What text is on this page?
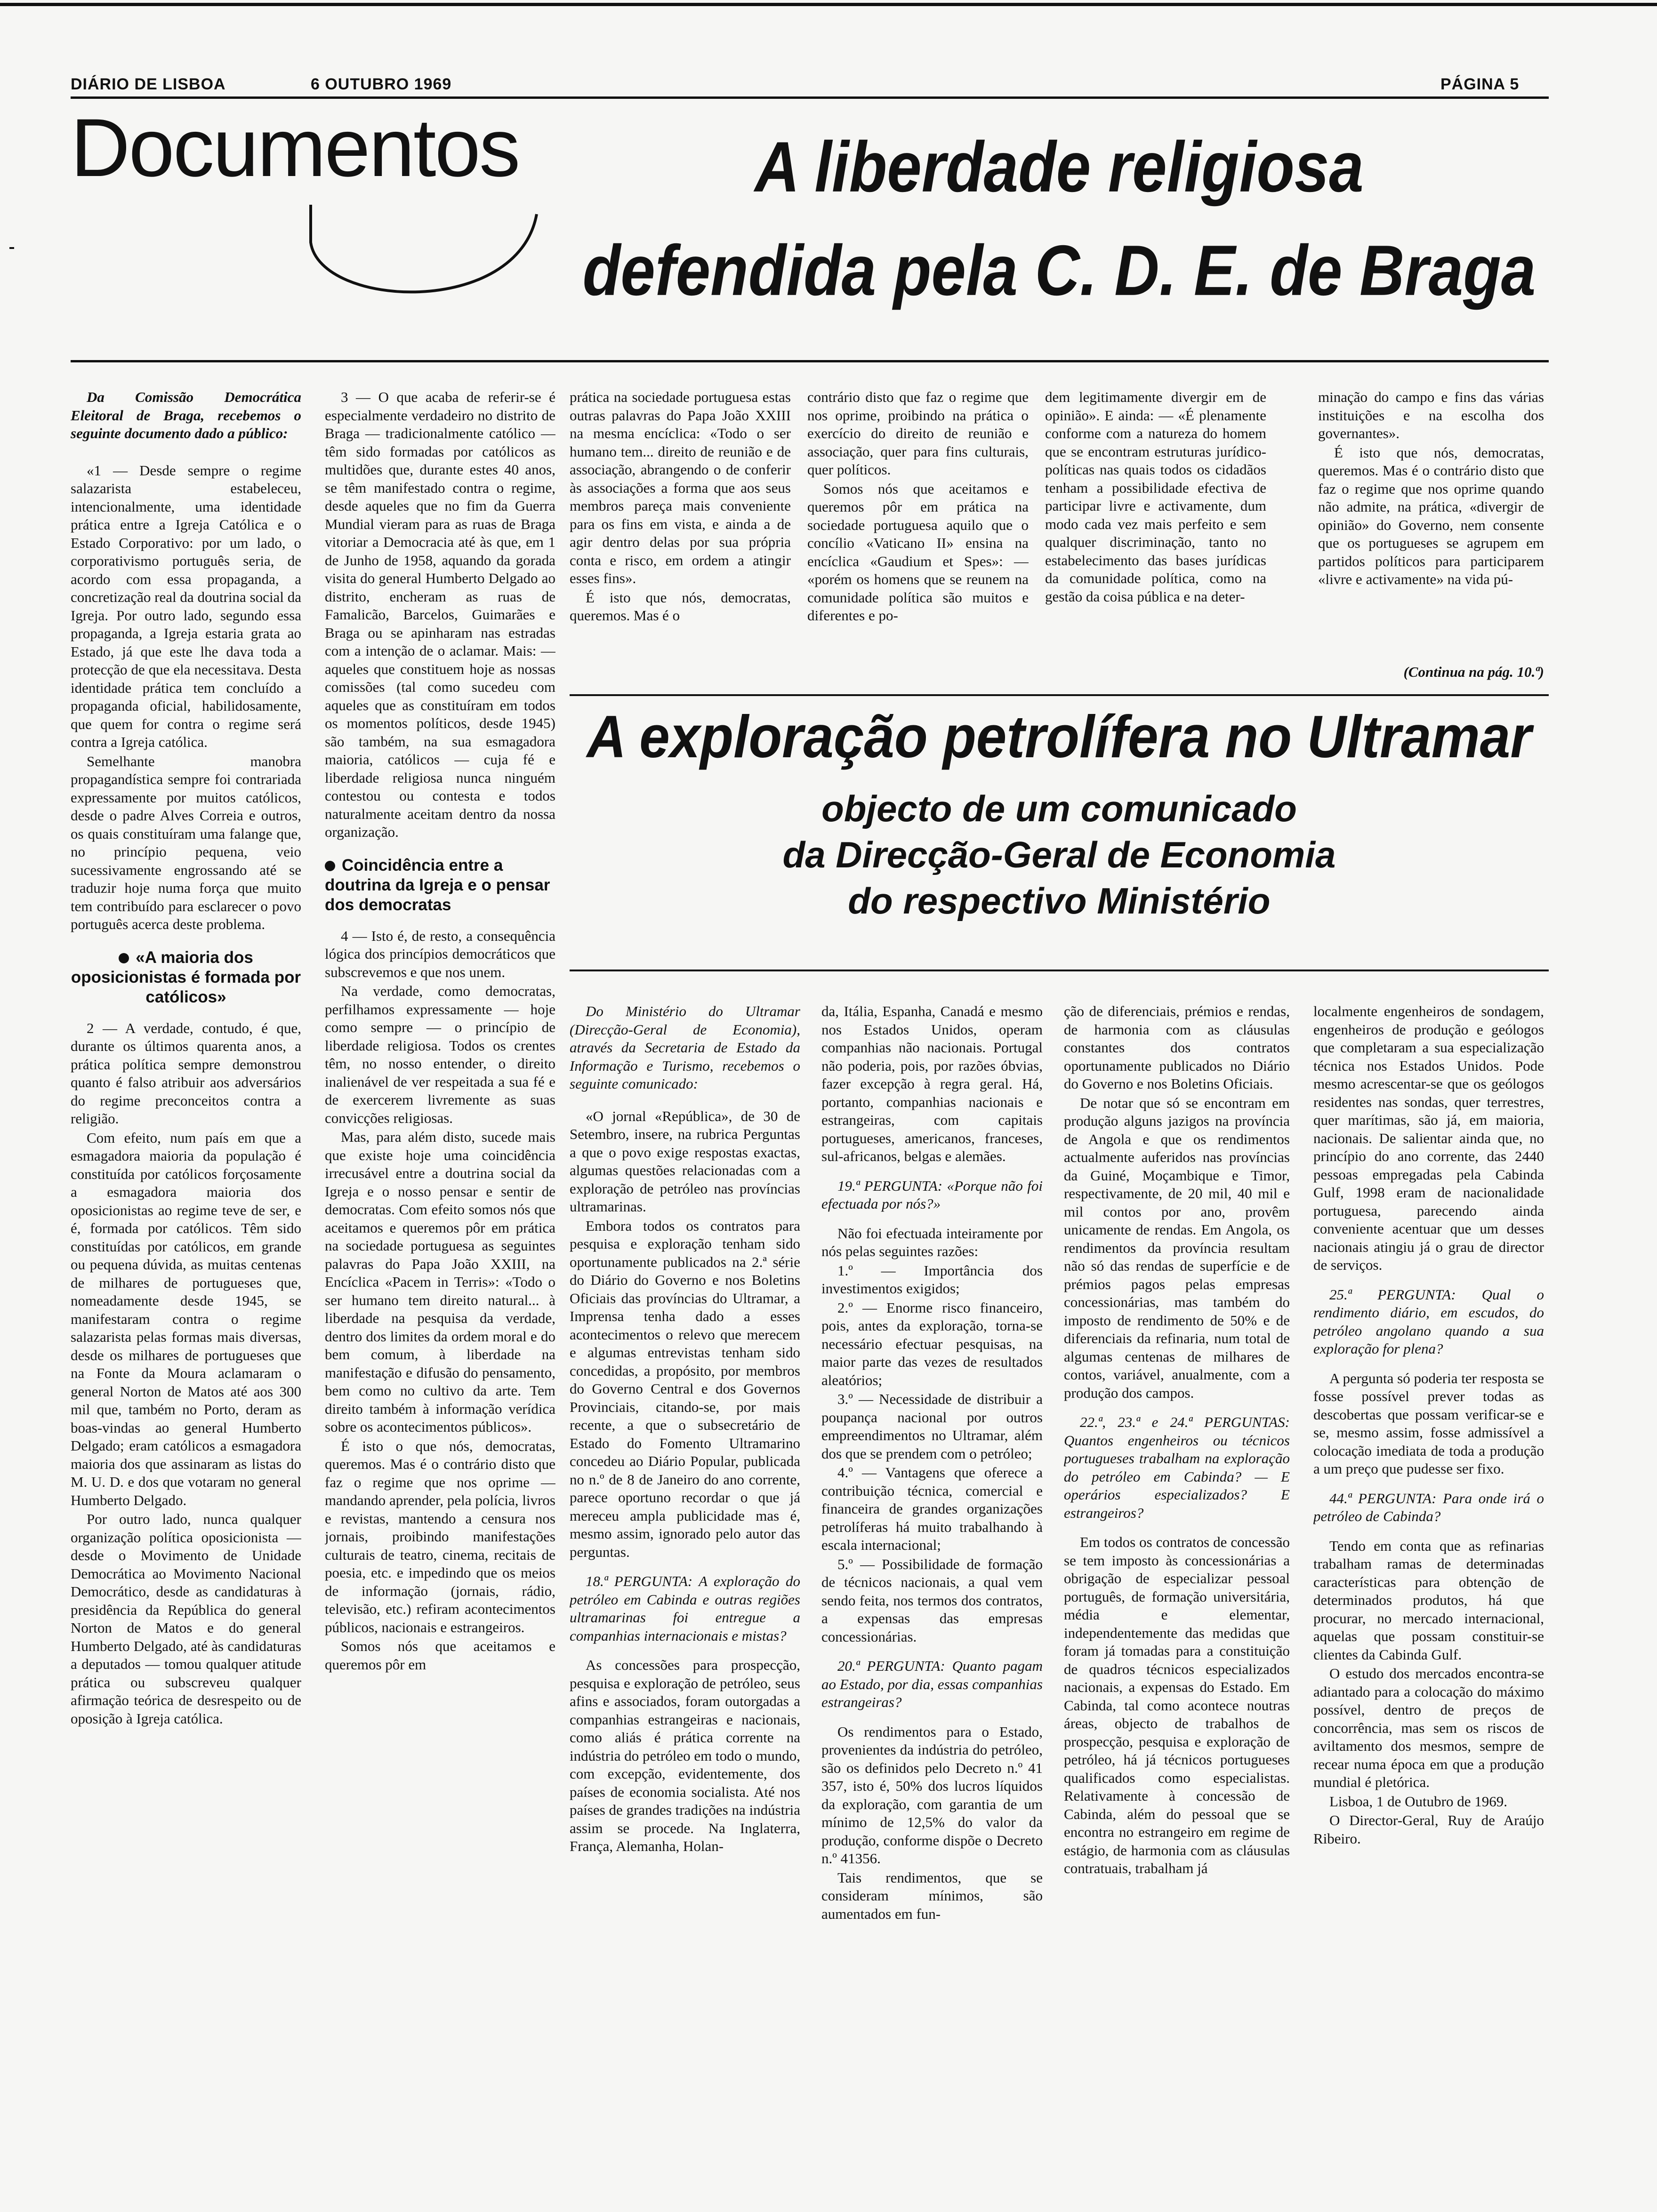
DIÁRIO DE LISBOA	6 OUTUBRO 1969	PÁGINA 5
Documentos	A liberdade religiosa
defendida pela C. D. E. de Braga

Da Comissão Democrática Eleitoral de Braga, recebemos o seguinte documento dado a público:

«1 — Desde sempre o regime salazarista estabeleceu, intencionalmente, uma identidade prática entre a Igreja Católica e o Estado Corporativo: por um lado, o corporativismo português seria, de acordo com essa propaganda, a concretização real da doutrina social da Igreja. Por outro lado, segundo essa propaganda, a Igreja estaria grata ao Estado, já que este lhe dava toda a protecção de que ela necessitava. Desta identidade prática tem concluído a propaganda oficial, habilidosamente, que quem for contra o regime será contra a Igreja católica.

Semelhante manobra propagandística sempre foi contrariada expressamente por muitos católicos, desde o padre Alves Correia e outros, os quais constituíram uma falange que, no princípio pequena, veio sucessivamente engrossando até se traduzir hoje numa força que muito tem contribuído para esclarecer o povo português acerca deste problema.

«A maioria dos oposicionistas é formada por católicos»

2 — A verdade, contudo, é que, durante os últimos quarenta anos, a prática política sempre demonstrou quanto é falso atribuir aos adversários do regime preconceitos contra a religião.

Com efeito, num país em que a esmagadora maioria da população é constituída por católicos forçosamente a esmagadora maioria dos oposicionistas ao regime teve de ser, e é, formada por católicos. Têm sido constituídas por católicos, em grande ou pequena dúvida, as muitas centenas de milhares de portugueses que, nomeadamente desde 1945, se manifestaram contra o regime salazarista pelas formas mais diversas, desde os milhares de portugueses que na Fonte da Moura aclamaram o general Norton de Matos até aos 300 mil que, também no Porto, deram as boas-vindas ao general Humberto Delgado; eram católicos a esmagadora maioria dos que assinaram as listas do M. U. D. e dos que votaram no general Humberto Delgado.

Por outro lado, nunca qualquer organização política oposicionista — desde o Movimento de Unidade Democrática ao Movimento Nacional Democrático, desde as candidaturas à presidência da República do general Norton de Matos e do general Humberto Delgado, até às candidaturas a deputados — tomou qualquer atitude prática ou subscreveu qualquer afirmação teórica de desrespeito ou de oposição à Igreja católica.

3 — O que acaba de referir-se é especialmente verdadeiro no distrito de Braga — tradicionalmente católico — têm sido formadas por católicos as multidões que, durante estes 40 anos, se têm manifestado contra o regime, desde aqueles que no fim da Guerra Mundial vieram para as ruas de Braga vitoriar a Democracia até às que, em 1 de Junho de 1958, aquando da gorada visita do general Humberto Delgado ao distrito, encheram as ruas de Famalicão, Barcelos, Guimarães e Braga ou se apinharam nas estradas com a intenção de o aclamar. Mais: — aqueles que constituem hoje as nossas comissões (tal como sucedeu com aqueles que as constituíram em todos os momentos políticos, desde 1945) são também, na sua esmagadora maioria, católicos — cuja fé e liberdade religiosa nunca ninguém contestou ou contesta e todos naturalmente aceitam dentro da nossa organização.

Coincidência entre a doutrina da Igreja e o pensar dos democratas

4 — Isto é, de resto, a consequência lógica dos princípios democráticos que subscrevemos e que nos unem.

Na verdade, como democratas, perfilhamos expressamente — hoje como sempre — o princípio de liberdade religiosa. Todos os crentes têm, no nosso entender, o direito inalienável de ver respeitada a sua fé e de exercerem livremente as suas convicções religiosas.

Mas, para além disto, sucede mais que existe hoje uma coincidência irrecusável entre a doutrina social da Igreja e o nosso pensar e sentir de democratas. Com efeito somos nós que aceitamos e queremos pôr em prática na sociedade portuguesa as seguintes palavras do Papa João XXIII, na Encíclica «Pacem in Terris»: «Todo o ser humano tem direito natural... à liberdade na pesquisa da verdade, dentro dos limites da ordem moral e do bem comum, à liberdade na manifestação e difusão do pensamento, bem como no cultivo da arte. Tem direito também à informação verídica sobre os acontecimentos públicos».

É isto o que nós, democratas, queremos. Mas é o contrário disto que faz o regime que nos oprime — mandando aprender, pela polícia, livros e revistas, mantendo a censura nos jornais, proibindo manifestações culturais de teatro, cinema, recitais de poesia, etc. e impedindo que os meios de informação (jornais, rádio, televisão, etc.) refiram acontecimentos públicos, nacionais e estrangeiros.

Somos nós que aceitamos e queremos pôr em

prática na sociedade portuguesa estas outras palavras do Papa João XXIII na mesma encíclica: «Todo o ser humano tem... direito de reunião e de associação, abrangendo o de conferir às associações a forma que aos seus membros pareça mais conveniente para os fins em vista, e ainda a de agir dentro delas por sua própria conta e risco, em ordem a atingir esses fins».

É isto que nós, democratas, queremos. Mas é o

contrário disto que faz o regime que nos oprime, proibindo na prática o exercício do direito de reunião e associação, quer para fins culturais, quer políticos.

Somos nós que aceitamos e queremos pôr em prática na sociedade portuguesa aquilo que o concílio «Vaticano II» ensina na encíclica «Gaudium et Spes»: — «porém os homens que se reunem na comunidade política são muitos e diferentes e po-

dem legitimamente divergir em de opinião». E ainda: — «É plenamente conforme com a natureza do homem que se encontram estruturas jurídico-políticas nas quais todos os cidadãos tenham a possibilidade efectiva de participar livre e activamente, dum modo cada vez mais perfeito e sem qualquer discriminação, tanto no estabelecimento das bases jurídicas da comunidade política, como na gestão da coisa pública e na deter-

minação do campo e fins das várias instituições e na escolha dos governantes».

É isto que nós, democratas, queremos. Mas é o contrário disto que faz o regime que nos oprime quando não admite, na prática, «divergir de opinião» do Governo, nem consente que os portugueses se agrupem em partidos políticos para participarem «livre e activamente» na vida pú-

(Continua na pág. 10.ª)
A exploração petrolífera no Ultramar
objecto de um comunicado
da Direcção-Geral de Economia
do respectivo Ministério

Do Ministério do Ultramar (Direcção-Geral de Economia), através da Secretaria de Estado da Informação e Turismo, recebemos o seguinte comunicado:

«O jornal «República», de 30 de Setembro, insere, na rubrica Perguntas a que o povo exige respostas exactas, algumas questões relacionadas com a exploração de petróleo nas províncias ultramarinas.

Embora todos os contratos para pesquisa e exploração tenham sido oportunamente publicados na 2.ª série do Diário do Governo e nos Boletins Oficiais das províncias do Ultramar, a Imprensa tenha dado a esses acontecimentos o relevo que merecem e algumas entrevistas tenham sido concedidas, a propósito, por membros do Governo Central e dos Governos Provinciais, citando-se, por mais recente, a que o subsecretário de Estado do Fomento Ultramarino concedeu ao Diário Popular, publicada no n.º de 8 de Janeiro do ano corrente, parece oportuno recordar o que já mereceu ampla publicidade mas é, mesmo assim, ignorado pelo autor das perguntas.

18.ª PERGUNTA: A exploração do petróleo em Cabinda e outras regiões ultramarinas foi entregue a companhias internacionais e mistas?

As concessões para prospecção, pesquisa e exploração de petróleo, seus afins e associados, foram outorgadas a companhias estrangeiras e nacionais, como aliás é prática corrente na indústria do petróleo em todo o mundo, com excepção, evidentemente, dos países de economia socialista. Até nos países de grandes tradições na indústria assim se procede. Na Inglaterra, França, Alemanha, Holan-

da, Itália, Espanha, Canadá e mesmo nos Estados Unidos, operam companhias não nacionais. Portugal não poderia, pois, por razões óbvias, fazer excepção à regra geral. Há, portanto, companhias nacionais e estrangeiras, com capitais portugueses, americanos, franceses, sul-africanos, belgas e alemães.

19.ª PERGUNTA: «Porque não foi efectuada por nós?»

Não foi efectuada inteiramente por nós pelas seguintes razões:

1.º — Importância dos investimentos exigidos;

2.º — Enorme risco financeiro, pois, antes da exploração, torna-se necessário efectuar pesquisas, na maior parte das vezes de resultados aleatórios;

3.º — Necessidade de distribuir a poupança nacional por outros empreendimentos no Ultramar, além dos que se prendem com o petróleo;

4.º — Vantagens que oferece a contribuição técnica, comercial e financeira de grandes organizações petrolíferas há muito trabalhando à escala internacional;

5.º — Possibilidade de formação de técnicos nacionais, a qual vem sendo feita, nos termos dos contratos, a expensas das empresas concessionárias.

20.ª PERGUNTA: Quanto pagam ao Estado, por dia, essas companhias estrangeiras?

Os rendimentos para o Estado, provenientes da indústria do petróleo, são os definidos pelo Decreto n.º 41 357, isto é, 50% dos lucros líquidos da exploração, com garantia de um mínimo de 12,5% do valor da produção, conforme dispõe o Decreto n.º 41356.

Tais rendimentos, que se consideram mínimos, são aumentados em fun-

ção de diferenciais, prémios e rendas, de harmonia com as cláusulas constantes dos contratos oportunamente publicados no Diário do Governo e nos Boletins Oficiais.

De notar que só se encontram em produção alguns jazigos na província de Angola e que os rendimentos actualmente auferidos nas províncias da Guiné, Moçambique e Timor, respectivamente, de 20 mil, 40 mil e mil contos por ano, provêm unicamente de rendas. Em Angola, os rendimentos da província resultam não só das rendas de superfície e de prémios pagos pelas empresas concessionárias, mas também do imposto de rendimento de 50% e de diferenciais da refinaria, num total de algumas centenas de milhares de contos, variável, anualmente, com a produção dos campos.

22.ª, 23.ª e 24.ª PERGUNTAS: Quantos engenheiros ou técnicos portugueses trabalham na exploração do petróleo em Cabinda? — E operários especializados? E estrangeiros?

Em todos os contratos de concessão se tem imposto às concessionárias a obrigação de especializar pessoal português, de formação universitária, média e elementar, independentemente das medidas que foram já tomadas para a constituição de quadros técnicos especializados nacionais, a expensas do Estado. Em Cabinda, tal como acontece noutras áreas, objecto de trabalhos de prospecção, pesquisa e exploração de petróleo, há já técnicos portugueses qualificados como especialistas. Relativamente à concessão de Cabinda, além do pessoal que se encontra no estrangeiro em regime de estágio, de harmonia com as cláusulas contratuais, trabalham já

localmente engenheiros de sondagem, engenheiros de produção e geólogos que completaram a sua especialização técnica nos Estados Unidos. Pode mesmo acrescentar-se que os geólogos residentes nas sondas, quer terrestres, quer marítimas, são já, em maioria, nacionais. De salientar ainda que, no princípio do ano corrente, das 2440 pessoas empregadas pela Cabinda Gulf, 1998 eram de nacionalidade portuguesa, parecendo ainda conveniente acentuar que um desses nacionais atingiu já o grau de director de serviços.

25.ª PERGUNTA: Qual o rendimento diário, em escudos, do petróleo angolano quando a sua exploração for plena?

A pergunta só poderia ter resposta se fosse possível prever todas as descobertas que possam verificar-se e se, mesmo assim, fosse admissível a colocação imediata de toda a produção a um preço que pudesse ser fixo.

44.ª PERGUNTA: Para onde irá o petróleo de Cabinda?

Tendo em conta que as refinarias trabalham ramas de determinadas características para obtenção de determinados produtos, há que procurar, no mercado internacional, aquelas que possam constituir-se clientes da Cabinda Gulf.

O estudo dos mercados encontra-se adiantado para a colocação do máximo possível, dentro de preços de concorrência, mas sem os riscos de aviltamento dos mesmos, sempre de recear numa época em que a produção mundial é pletórica.

Lisboa, 1 de Outubro de 1969.

O Director-Geral, Ruy de Araújo Ribeiro.
